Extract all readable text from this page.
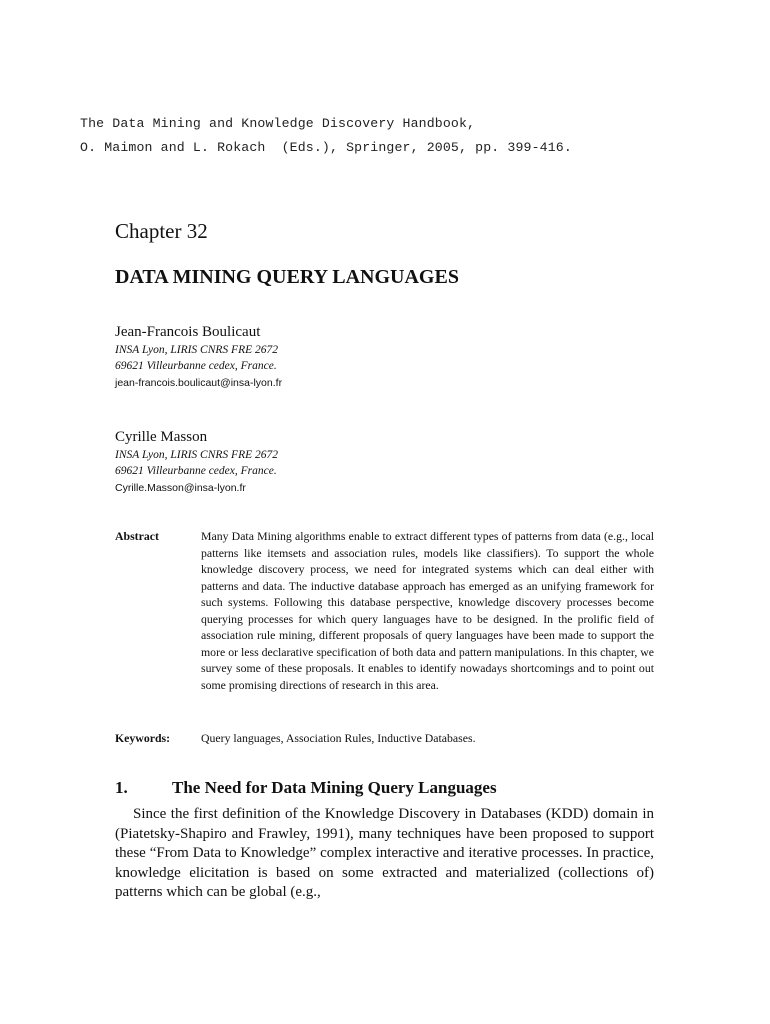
The Data Mining and Knowledge Discovery Handbook,
O. Maimon and L. Rokach  (Eds.), Springer, 2005, pp. 399-416.
Chapter 32
DATA MINING QUERY LANGUAGES
Jean-Francois Boulicaut
INSA Lyon, LIRIS CNRS FRE 2672
69621 Villeurbanne cedex, France.
jean-francois.boulicaut@insa-lyon.fr
Cyrille Masson
INSA Lyon, LIRIS CNRS FRE 2672
69621 Villeurbanne cedex, France.
Cyrille.Masson@insa-lyon.fr
Abstract	Many Data Mining algorithms enable to extract different types of patterns from data (e.g., local patterns like itemsets and association rules, models like classifiers). To support the whole knowledge discovery process, we need for integrated systems which can deal either with patterns and data. The inductive database approach has emerged as an unifying framework for such systems. Following this database perspective, knowledge discovery processes become querying processes for which query languages have to be designed. In the prolific field of association rule mining, different proposals of query languages have been made to support the more or less declarative specification of both data and pattern manipulations. In this chapter, we survey some of these proposals. It enables to identify nowadays shortcomings and to point out some promising directions of research in this area.
Keywords:	Query languages, Association Rules, Inductive Databases.
1.	The Need for Data Mining Query Languages
Since the first definition of the Knowledge Discovery in Databases (KDD) domain in (Piatetsky-Shapiro and Frawley, 1991), many techniques have been proposed to support these “From Data to Knowledge” complex interactive and iterative processes. In practice, knowledge elicitation is based on some extracted and materialized (collections of) patterns which can be global (e.g.,
